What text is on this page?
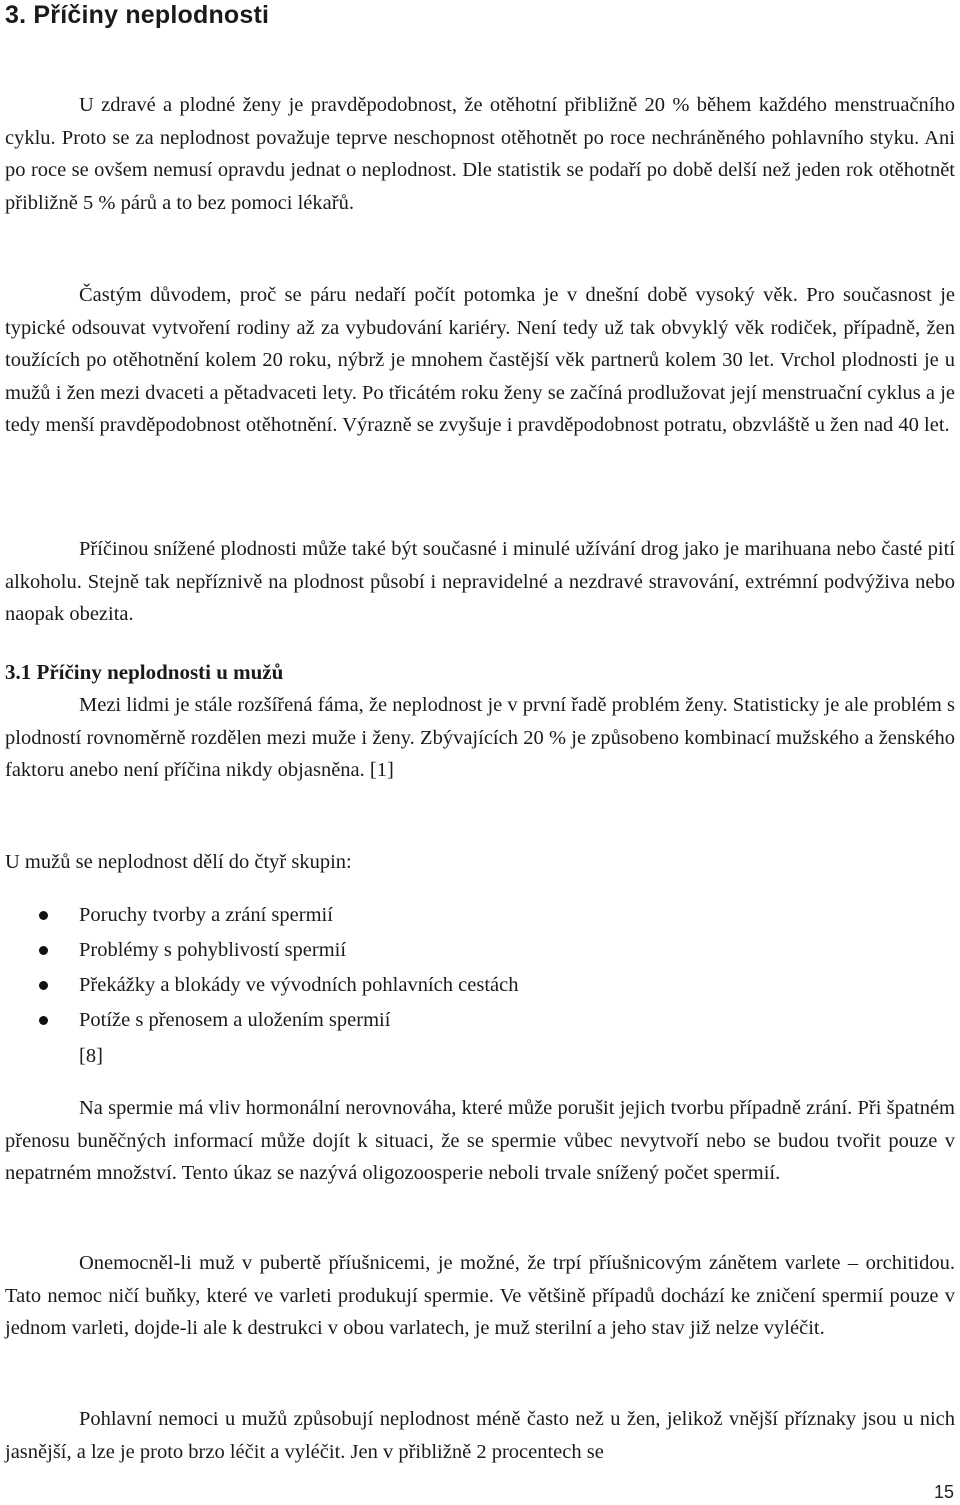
3. Příčiny neplodnosti

U zdravé a plodné ženy je pravděpodobnost, že otěhotní přibližně 20 % během každého menstruačního cyklu. Proto se za neplodnost považuje teprve neschopnost otěhotnět po roce nechráněného pohlavního styku. Ani po roce se ovšem nemusí opravdu jednat o neplodnost. Dle statistik se podaří po době delší než jeden rok otěhotnět přibližně 5 % párů a to bez pomoci lékařů.

Častým důvodem, proč se páru nedaří počít potomka je v dnešní době vysoký věk. Pro současnost je typické odsouvat vytvoření rodiny až za vybudování kariéry. Není tedy už tak obvyklý věk rodiček, případně, žen toužících po otěhotnění kolem 20 roku, nýbrž je mnohem častější věk partnerů kolem 30 let. Vrchol plodnosti je u mužů i žen mezi dvaceti a pětadvaceti lety. Po třicátém roku ženy se začíná prodlužovat její menstruační cyklus a je tedy menší pravděpodobnost otěhotnění. Výrazně se zvyšuje i pravděpodobnost potratu, obzvláště u žen nad 40 let.

Příčinou snížené plodnosti může také být současné i minulé užívání drog jako je marihuana nebo časté pití alkoholu. Stejně tak nepříznivě na plodnost působí i nepravidelné a nezdravé stravování, extrémní podvýživa nebo naopak obezita.

3.1 Příčiny neplodnosti u mužů

Mezi lidmi je stále rozšířená fáma, že neplodnost je v první řadě problém ženy. Statisticky je ale problém s plodností rovnoměrně rozdělen mezi muže i ženy. Zbývajících 20 % je způsobeno kombinací mužského a ženského faktoru anebo není příčina nikdy objasněna. [1]

U mužů se neplodnost dělí do čtyř skupin:

Poruchy tvorby a zrání spermií
Problémy s pohyblivostí spermií
Překážky a blokády ve vývodních pohlavních cestách
Potíže s přenosem a uložením spermií
[8]

Na spermie má vliv hormonální nerovnováha, které může porušit jejich tvorbu případně zrání. Při špatném přenosu buněčných informací může dojít k situaci, že se spermie vůbec nevytvoří nebo se budou tvořit pouze v nepatrném množství. Tento úkaz se nazývá oligozoosperie neboli trvale snížený počet spermií.

Onemocněl-li muž v pubertě příušnicemi, je možné, že trpí příušnicovým zánětem varlete – orchitidou. Tato nemoc ničí buňky, které ve varleti produkují spermie. Ve většině případů dochází ke zničení spermií pouze v jednom varleti, dojde-li ale k destrukci v obou varlatech, je muž sterilní a jeho stav již nelze vyléčit.

Pohlavní nemoci u mužů způsobují neplodnost méně často než u žen, jelikož vnější příznaky jsou u nich jasnější, a lze je proto brzo léčit a vyléčit. Jen v přibližně 2 procentech se

15
